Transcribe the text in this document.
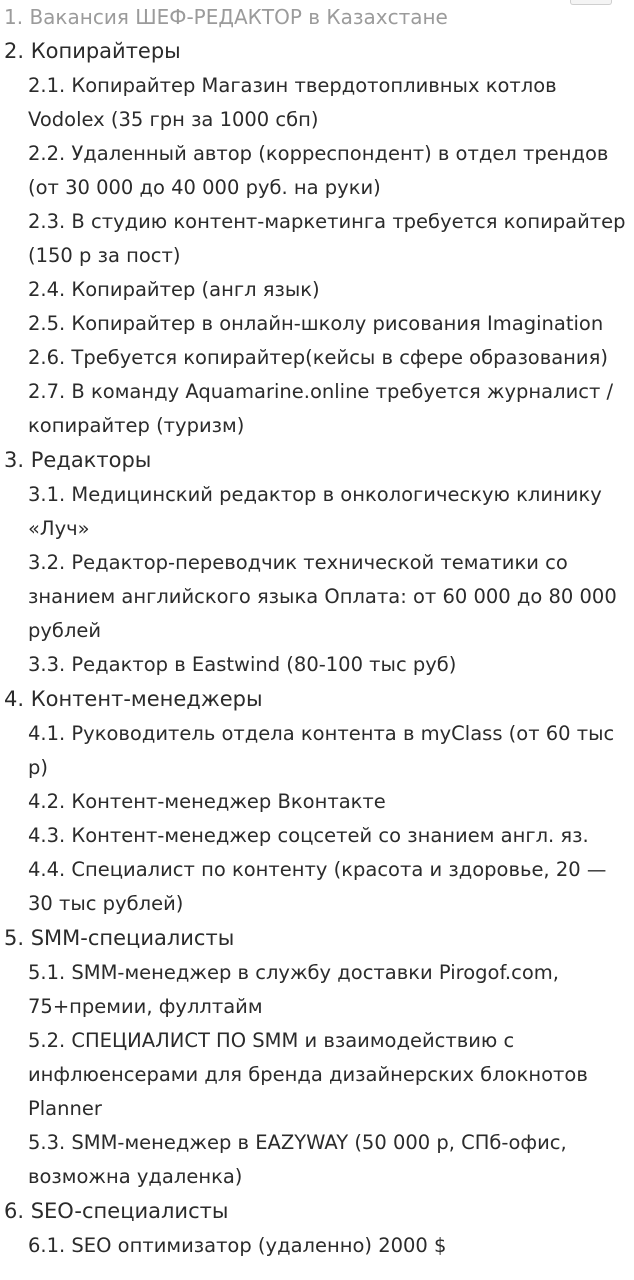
1. Вакансия ШЕФ-РЕДАКТОР в Казахстане
2. Копирайтеры
2.1. Копирайтер Магазин твердотопливных котлов
Vodolex (35 грн за 1000 сбп)
2.2. Удаленный автор (корреспондент) в отдел трендов
(от 30 000 до 40 000 руб. на руки)
2.3. В студию контент-маркетинга требуется копирайтер
(150 р за пост)
2.4. Копирайтер (англ язык)
2.5. Копирайтер в онлайн-школу рисования Imagination
2.6. Требуется копирайтер(кейсы в сфере образования)
2.7. В команду Aquamarine.online требуется журналист /
копирайтер (туризм)
3. Редакторы
3.1. Медицинский редактор в онкологическую клинику
«Луч»
3.2. Редактор-переводчик технической тематики со
знанием английского языка Оплата: от 60 000 до 80 000
рублей
3.3. Редактор в Eastwind (80-100 тыс руб)
4. Контент-менеджеры
4.1. Руководитель отдела контента в myClass (от 60 тыс
р)
4.2. Контент-менеджер Вконтакте
4.3. Контент-менеджер соцсетей со знанием англ. яз.
4.4. Специалист по контенту (красота и здоровье, 20 —
30 тыс рублей)
5. SMM-специалисты
5.1. SMM-менеджер в службу доставки Pirogof.com,
75+премии, фуллтайм
5.2. СПЕЦИАЛИСТ ПО SMM и взаимодействию с
инфлюенсерами для бренда дизайнерских блокнотов
Planner
5.3. SMM-менеджер в EAZYWAY (50 000 р, СПб-офис,
возможна удаленка)
6. SEO-специалисты
6.1. SEO оптимизатор (удаленно) 2000 $
